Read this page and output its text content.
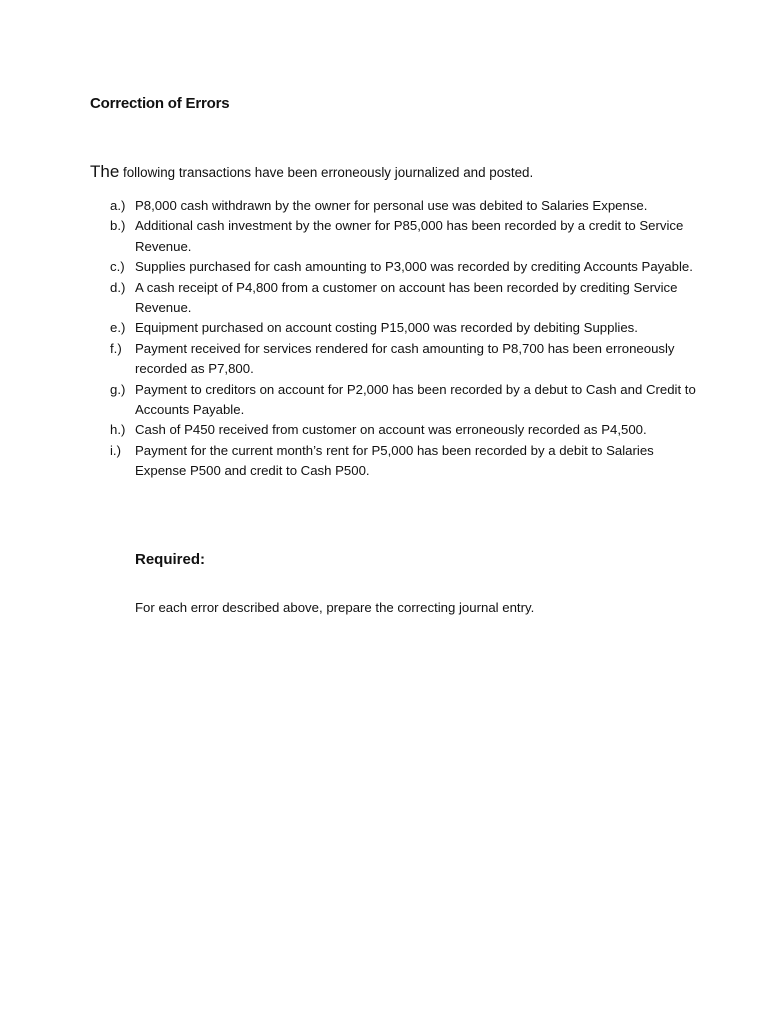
Correction of Errors
The following transactions have been erroneously journalized and posted.
a.) P8,000 cash withdrawn by the owner for personal use was debited to Salaries Expense.
b.) Additional cash investment by the owner for P85,000 has been recorded by a credit to Service Revenue.
c.) Supplies purchased for cash amounting to P3,000 was recorded by crediting Accounts Payable.
d.) A cash receipt of P4,800 from a customer on account has been recorded by crediting Service Revenue.
e.) Equipment purchased on account costing P15,000 was recorded by debiting Supplies.
f.)	Payment received for services rendered for cash amounting to P8,700 has been erroneously recorded as P7,800.
g.) Payment to creditors on account for P2,000 has been recorded by a debut to Cash and Credit to Accounts Payable.
h.) Cash of P450 received from customer on account was erroneously recorded as P4,500.
i.)	Payment for the current month’s rent for P5,000 has been recorded by a debit to Salaries Expense P500 and credit to Cash P500.
Required:
For each error described above, prepare the correcting journal entry.
